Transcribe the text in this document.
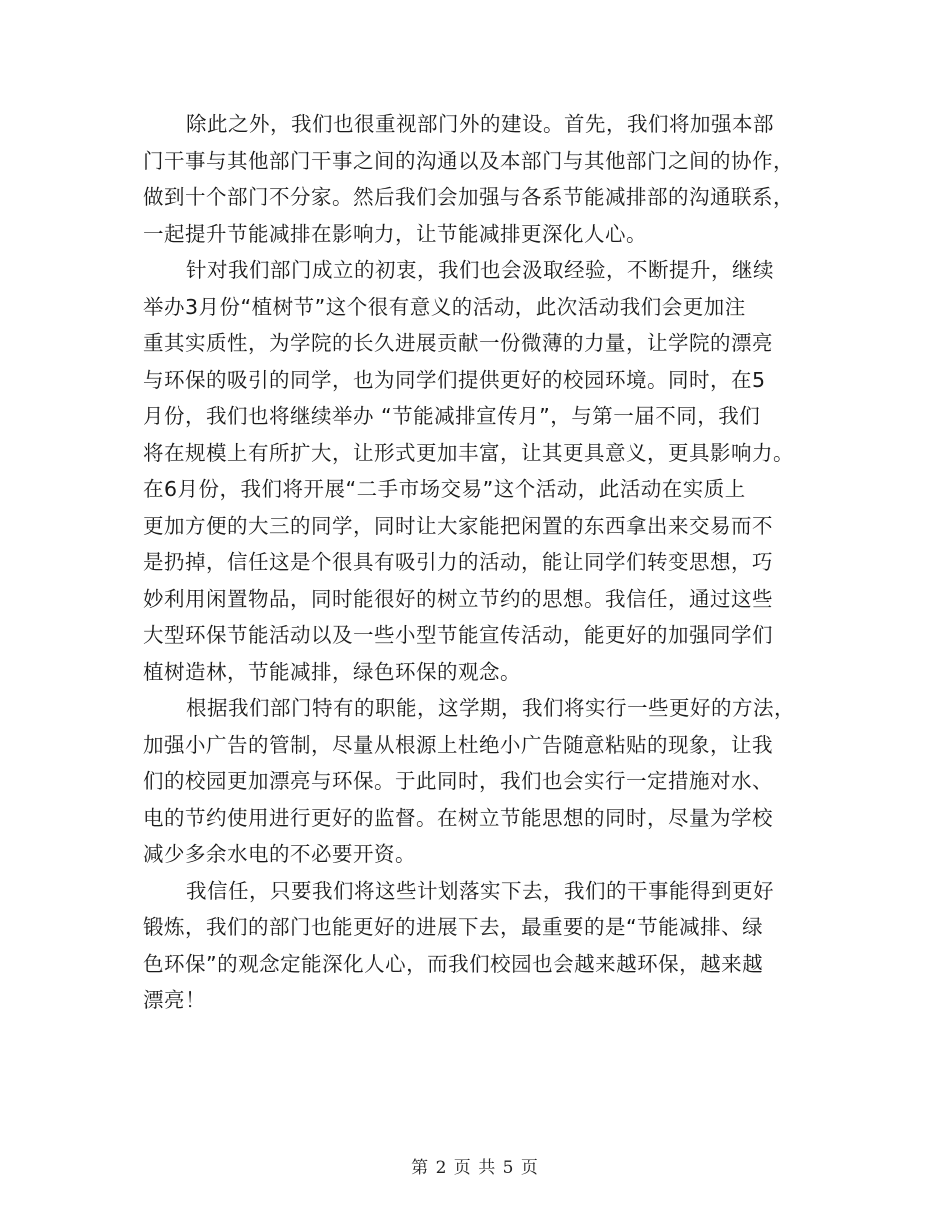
除此之外，我们也很重视部门外的建设。首先，我们将加强本部
门干事与其他部门干事之间的沟通以及本部门与其他部门之间的协作，
做到十个部门不分家。然后我们会加强与各系节能减排部的沟通联系，
一起提升节能减排在影响力，让节能减排更深化人心。
针对我们部门成立的初衷，我们也会汲取经验，不断提升，继续
举办3月份“植树节”这个很有意义的活动，此次活动我们会更加注
重其实质性，为学院的长久进展贡献一份微薄的力量，让学院的漂亮
与环保的吸引的同学，也为同学们提供更好的校园环境。同时，在5
月份，我们也将继续举办 “节能减排宣传月”，与第一届不同，我们
将在规模上有所扩大，让形式更加丰富，让其更具意义，更具影响力。
在6月份，我们将开展“二手市场交易”这个活动，此活动在实质上
更加方便的大三的同学，同时让大家能把闲置的东西拿出来交易而不
是扔掉，信任这是个很具有吸引力的活动，能让同学们转变思想，巧
妙利用闲置物品，同时能很好的树立节约的思想。我信任，通过这些
大型环保节能活动以及一些小型节能宣传活动，能更好的加强同学们
植树造林，节能减排，绿色环保的观念。
根据我们部门特有的职能，这学期，我们将实行一些更好的方法，
加强小广告的管制，尽量从根源上杜绝小广告随意粘贴的现象，让我
们的校园更加漂亮与环保。于此同时，我们也会实行一定措施对水、
电的节约使用进行更好的监督。在树立节能思想的同时，尽量为学校
减少多余水电的不必要开资。
我信任，只要我们将这些计划落实下去，我们的干事能得到更好
锻炼，我们的部门也能更好的进展下去，最重要的是“节能减排、绿
色环保”的观念定能深化人心，而我们校园也会越来越环保，越来越
漂亮！
第 2 页 共 5 页
